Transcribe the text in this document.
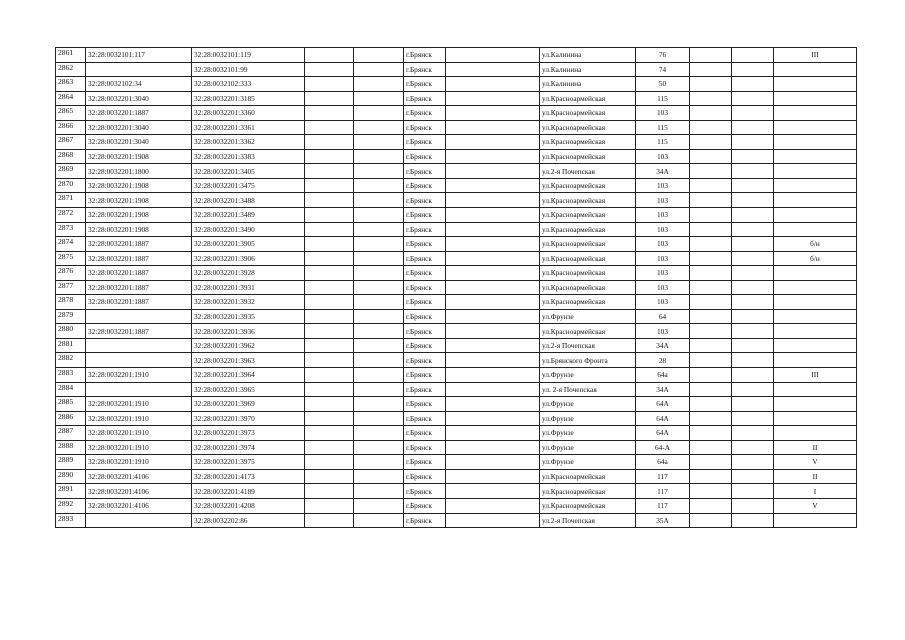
2861	32:28:0032101:117	32:28:0032101:119			г.Брянск		ул.Калинина	76			III
2862		32:28:0032101:99			г.Брянск		ул.Калинина	74			
2863	32:28:0032102:34	32:28:0032102:333			г.Брянск		ул.Калинина	50			
2864	32:28:0032201:3040	32:28:0032201:3185			г.Брянск		ул.Красноармейская	115			
2865	32:28:0032201:1887	32:28:0032201:3360			г.Брянск		ул.Красноармейская	103			
2866	32:28:0032201:3040	32:28:0032201:3361			г.Брянск		ул.Красноармейская	115			
2867	32:28:0032201:3040	32:28:0032201:3362			г.Брянск		ул.Красноармейская	115			
2868	32:28:0032201:1908	32:28:0032201:3383			г.Брянск		ул.Красноармейская	103			
2869	32:28:0032201:1800	32:28:0032201:3405			г.Брянск		ул.2-я Почепская	34А			
2870	32:28:0032201:1908	32:28:0032201:3475			г.Брянск		ул.Красноармейская	103			
2871	32:28:0032201:1908	32:28:0032201:3488			г.Брянск		ул.Красноармейская	103			
2872	32:28:0032201:1908	32:28:0032201:3489			г.Брянск		ул.Красноармейская	103			
2873	32:28:0032201:1908	32:28:0032201:3490			г.Брянск		ул.Красноармейская	103			
2874	32:28:0032201:1887	32:28:0032201:3905			г.Брянск		ул.Красноармейская	103			б/н
2875	32:28:0032201:1887	32:28:0032201:3906			г.Брянск		ул.Красноармейская	103			б/н
2876	32:28:0032201:1887	32:28:0032201:3928			г.Брянск		ул.Красноармейская	103			
2877	32:28:0032201:1887	32:28:0032201:3931			г.Брянск		ул.Красноармейская	103			
2878	32:28:0032201:1887	32:28:0032201:3932			г.Брянск		ул.Красноармейская	103			
2879		32:28:0032201:3935			г.Брянск		ул.Фрунзе	64			
2880	32:28:0032201:1887	32:28:0032201:3936			г.Брянск		ул.Красноармейская	103			
2881		32:28:0032201:3962			г.Брянск		ул.2-я Почепская	34А			
2882		32:28:0032201:3963			г.Брянск		ул.Брянского Фронта	28			
2883	32:28:0032201:1910	32:28:0032201:3964			г.Брянск		ул.Фрунзе	64а			III
2884		32:28:0032201:3965			г.Брянск		ул. 2-я Почепская	34А			
2885	32:28:0032201:1910	32:28:0032201:3969			г.Брянск		ул.Фрунзе	64А			
2886	32:28:0032201:1910	32:28:0032201:3970			г.Брянск		ул.Фрунзе	64А			
2887	32:28:0032201:1910	32:28:0032201:3973			г.Брянск		ул.Фрунзе	64А			
2888	32:28:0032201:1910	32:28:0032201:3974			г.Брянск		ул.Фрунзе	64-А			II
2889	32:28:0032201:1910	32:28:0032201:3975			г.Брянск		ул.Фрунзе	64а			V
2890	32:28:0032201:4106	32:28:0032201:4173			г.Брянск		ул.Красноармейская	117			II
2891	32:28:0032201:4106	32:28:0032201:4189			г.Брянск		ул.Красноармейская	117			I
2892	32:28:0032201:4106	32:28:0032201:4208			г.Брянск		ул.Красноармейская	117			V
2893		32:28:0032202:86			г.Брянск		ул.2-я Почепская	35А			
